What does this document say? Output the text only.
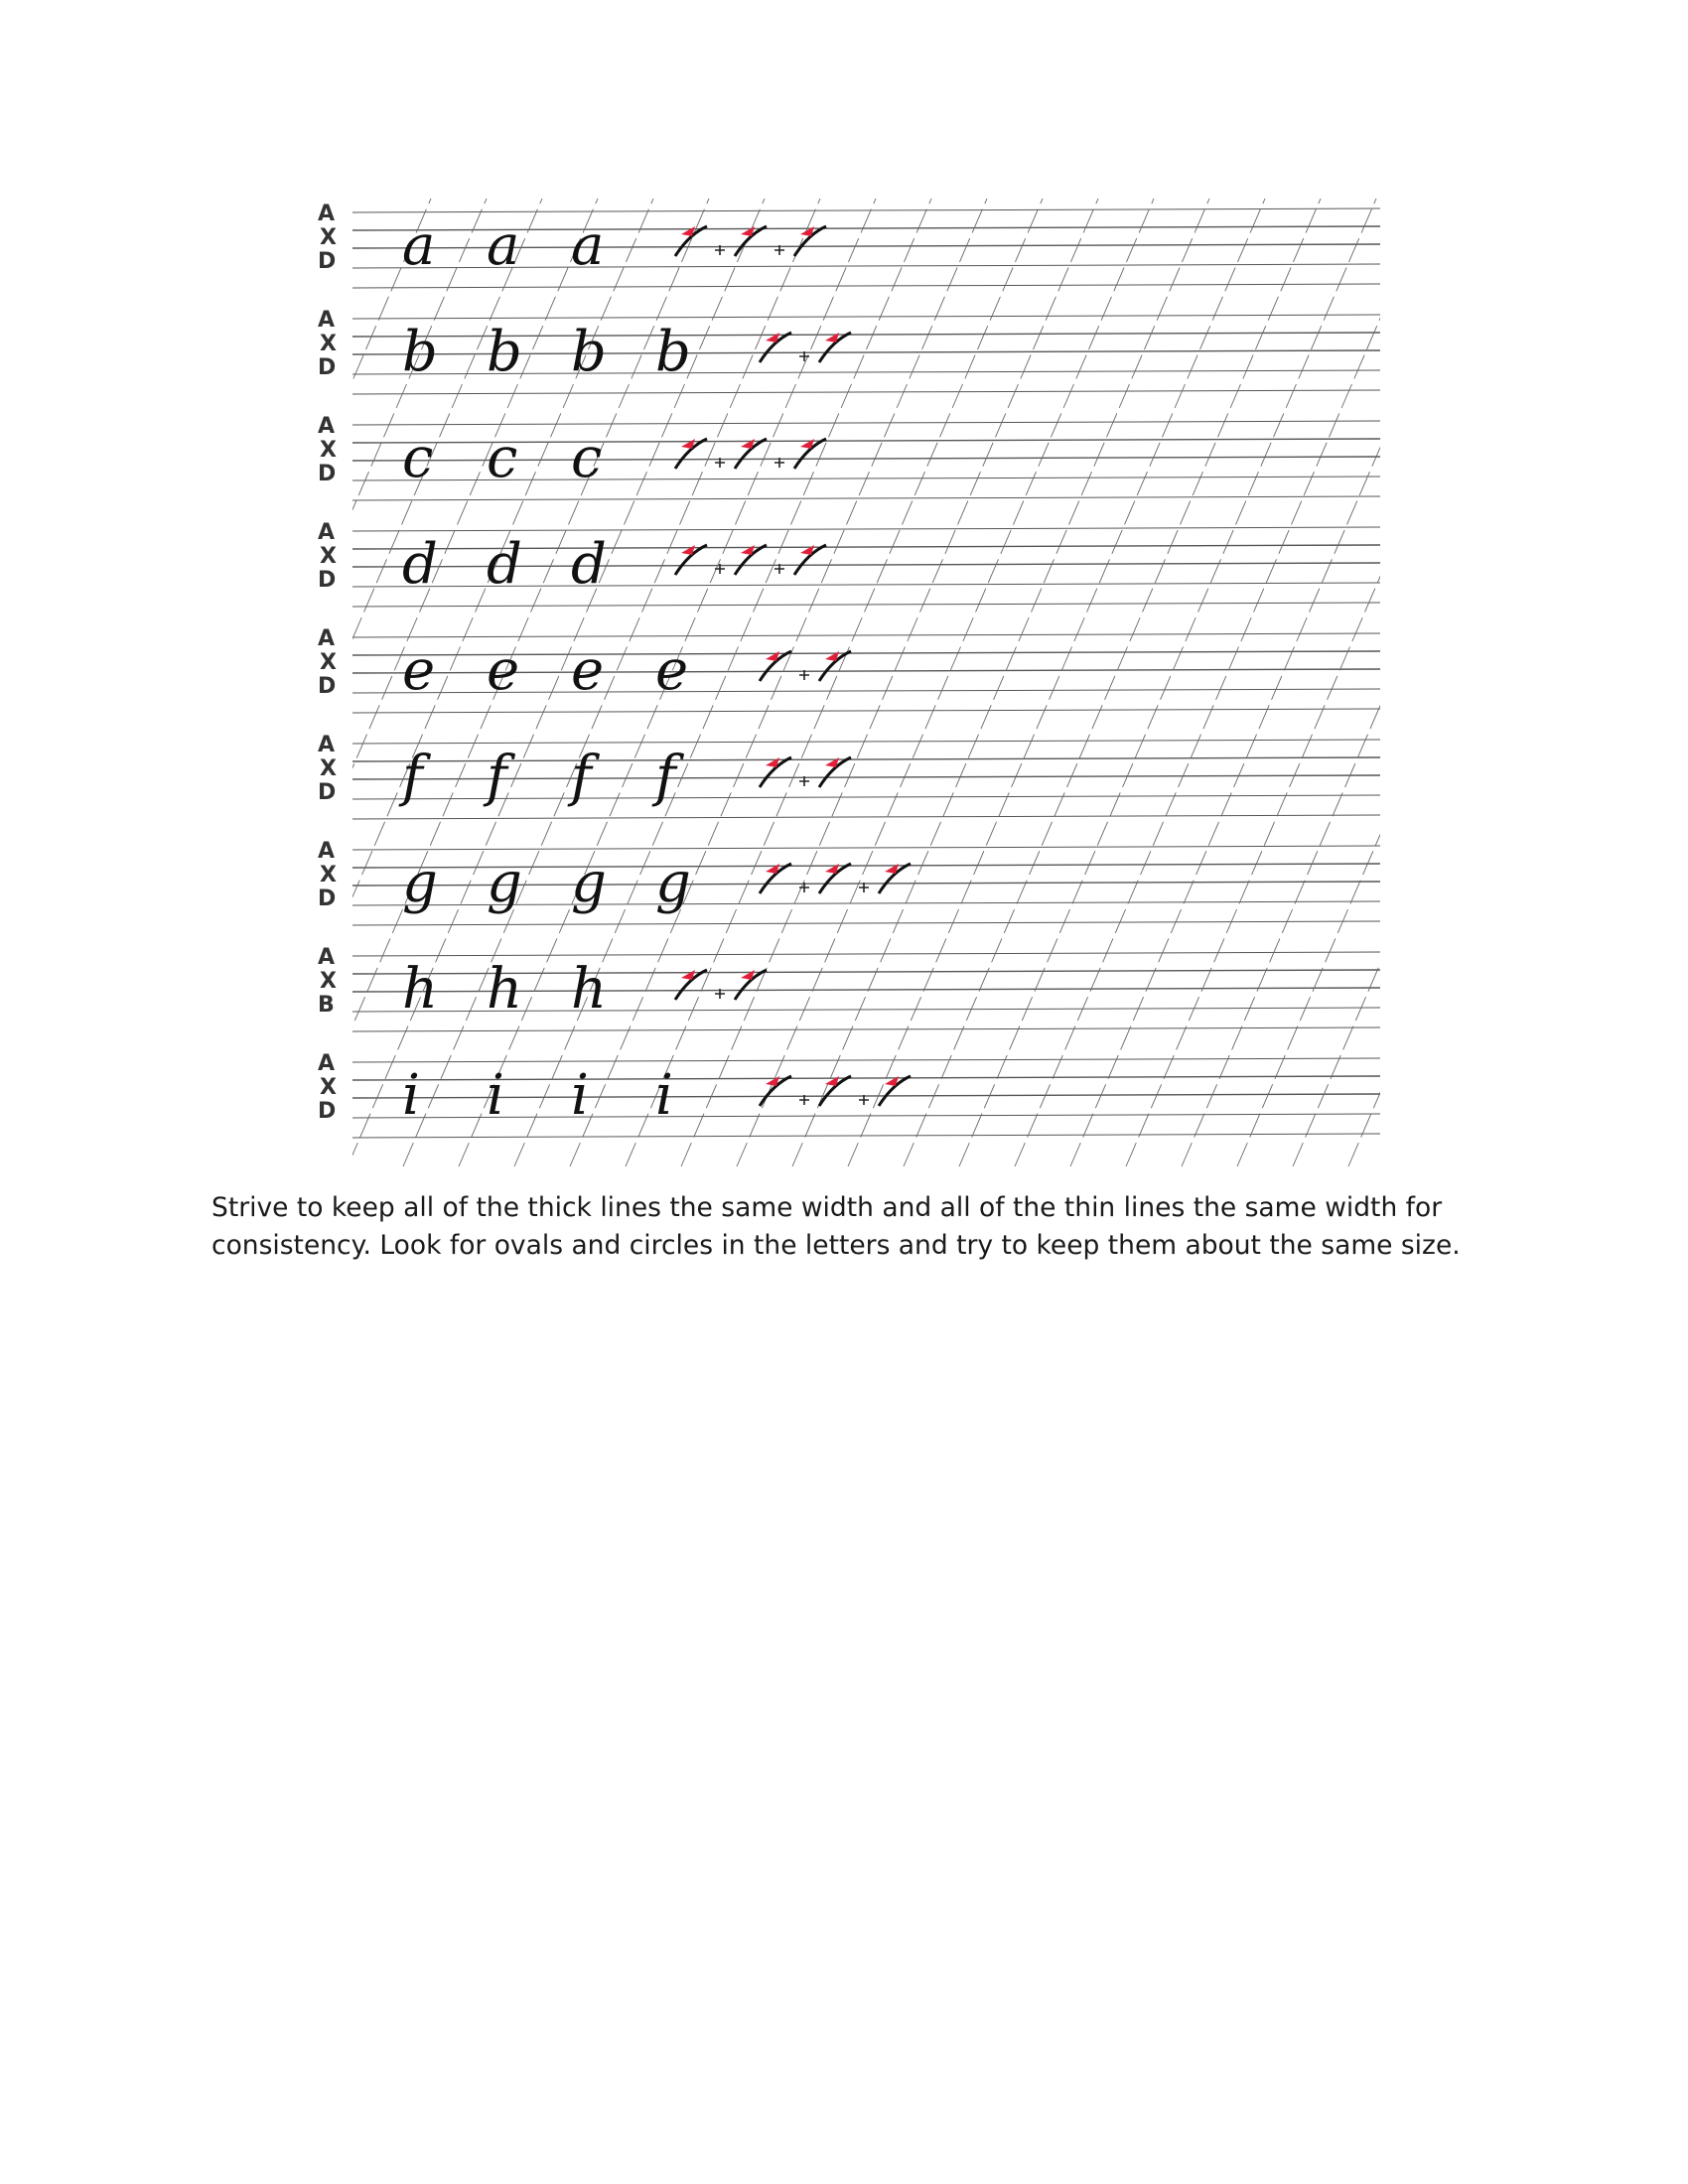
A
X
D a a a
A
X
D b b b b
A
X
D c c c
A
X
D d d d
A
X
D e e e e
A
X
D f f f f
A
X
D g g g g
A
X
B h h h
A
X
D i i i i

Strive to keep all of the thick lines the same width and all of the thin lines the same width for consistency. Look for ovals and circles in the letters and try to keep them about the same size.
